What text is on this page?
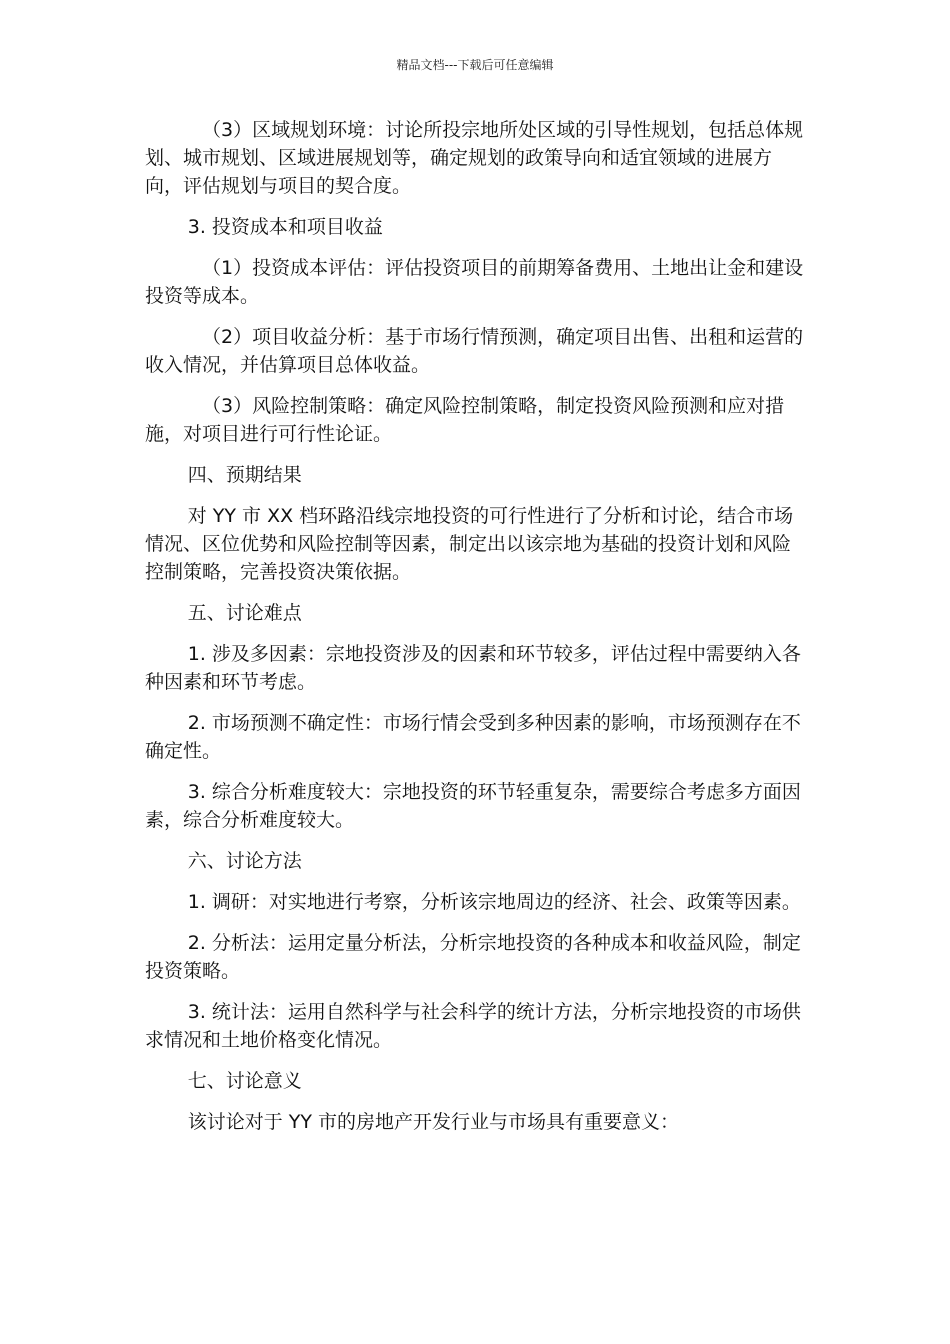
精品文档---下载后可任意编辑

（3）区域规划环境：讨论所投宗地所处区域的引导性规划，包括总体规划、城市规划、区域进展规划等，确定规划的政策导向和适宜领域的进展方向，评估规划与项目的契合度。

3. 投资成本和项目收益

（1）投资成本评估：评估投资项目的前期筹备费用、土地出让金和建设投资等成本。

（2）项目收益分析：基于市场行情预测，确定项目出售、出租和运营的收入情况，并估算项目总体收益。

（3）风险控制策略：确定风险控制策略，制定投资风险预测和应对措施，对项目进行可行性论证。

四、预期结果

对 YY 市 XX 档环路沿线宗地投资的可行性进行了分析和讨论，结合市场情况、区位优势和风险控制等因素，制定出以该宗地为基础的投资计划和风险控制策略，完善投资决策依据。

五、讨论难点

1. 涉及多因素：宗地投资涉及的因素和环节较多，评估过程中需要纳入各种因素和环节考虑。

2. 市场预测不确定性：市场行情会受到多种因素的影响，市场预测存在不确定性。

3. 综合分析难度较大：宗地投资的环节轻重复杂，需要综合考虑多方面因素，综合分析难度较大。

六、讨论方法

1. 调研：对实地进行考察，分析该宗地周边的经济、社会、政策等因素。

2. 分析法：运用定量分析法，分析宗地投资的各种成本和收益风险，制定投资策略。

3. 统计法：运用自然科学与社会科学的统计方法，分析宗地投资的市场供求情况和土地价格变化情况。

七、讨论意义

该讨论对于 YY 市的房地产开发行业与市场具有重要意义：
